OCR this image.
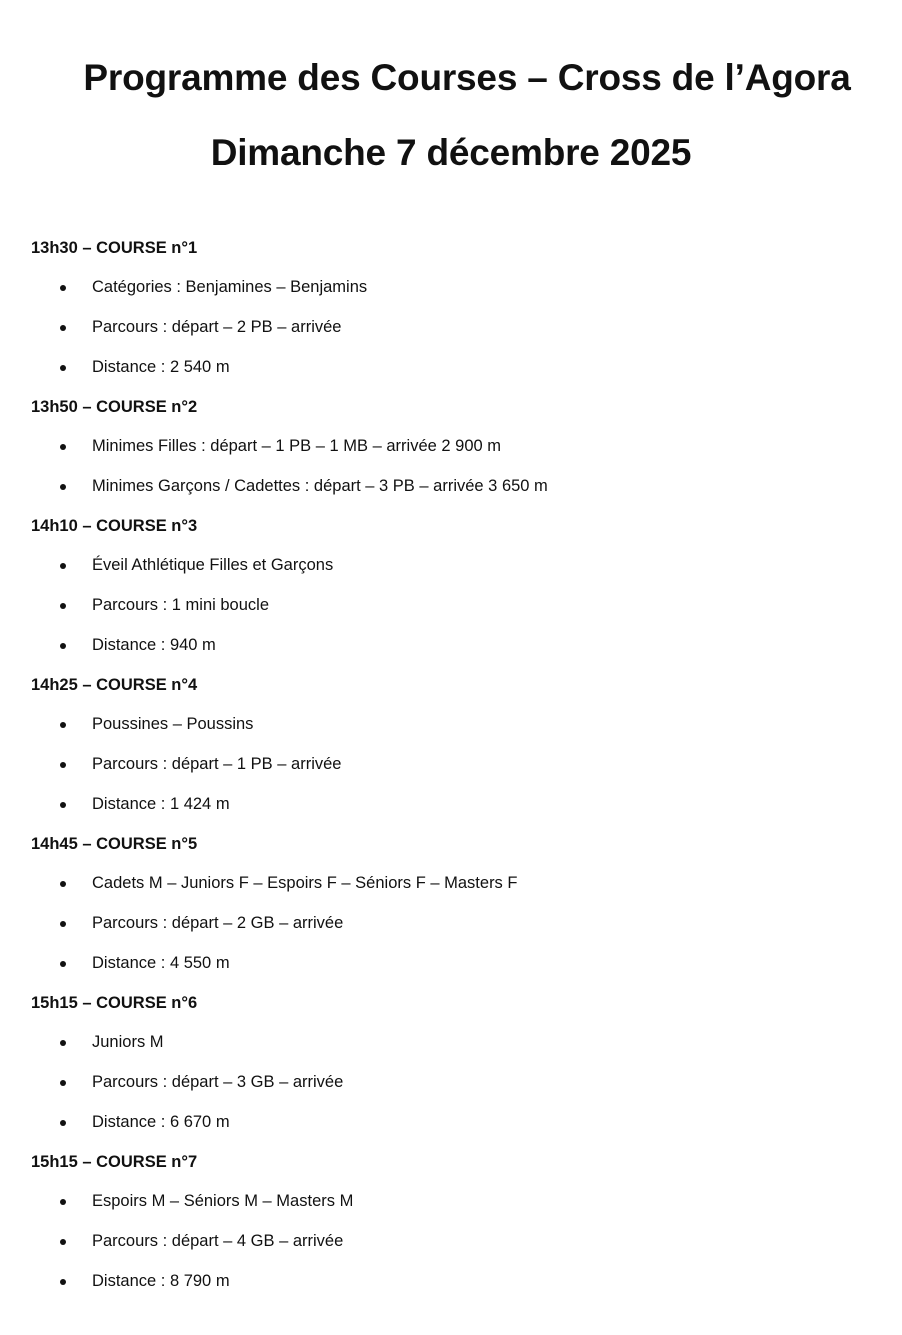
Programme des Courses – Cross de l’Agora
Dimanche 7 décembre 2025
13h30 – COURSE n°1
Catégories : Benjamines – Benjamins
Parcours : départ – 2 PB – arrivée
Distance : 2 540 m
13h50 – COURSE n°2
Minimes Filles : départ – 1 PB – 1 MB – arrivée 2 900 m
Minimes Garçons / Cadettes : départ – 3 PB – arrivée 3 650 m
14h10 – COURSE n°3
Éveil Athlétique Filles et Garçons
Parcours : 1 mini boucle
Distance : 940 m
14h25 – COURSE n°4
Poussines – Poussins
Parcours : départ – 1 PB – arrivée
Distance : 1 424 m
14h45 – COURSE n°5
Cadets M – Juniors F – Espoirs F – Séniors F – Masters F
Parcours : départ – 2 GB – arrivée
Distance : 4 550 m
15h15 – COURSE n°6
Juniors M
Parcours : départ – 3 GB – arrivée
Distance : 6 670 m
15h15 – COURSE n°7
Espoirs M – Séniors M – Masters M
Parcours : départ – 4 GB – arrivée
Distance : 8 790 m
